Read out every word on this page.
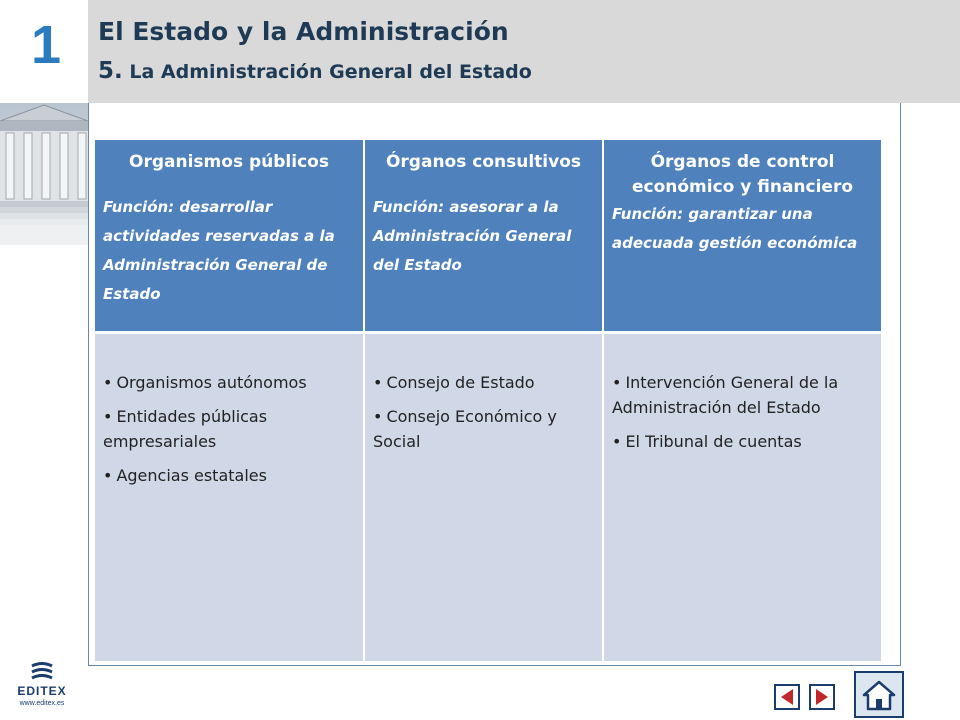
1	El Estado y la Administración
5. La Administración General del Estado
Organismos públicos
Función: desarrollar actividades reservadas a la Administración General de Estado
Órganos consultivos
Función: asesorar a la Administración General del Estado
Órganos de control económico y financiero
Función: garantizar una adecuada gestión económica
• Organismos autónomos
• Entidades públicas empresariales
• Agencias estatales
• Consejo de Estado
• Consejo Económico y Social
• Intervención General de la Administración del Estado
• El Tribunal de cuentas
EDITEX
www.editex.es
